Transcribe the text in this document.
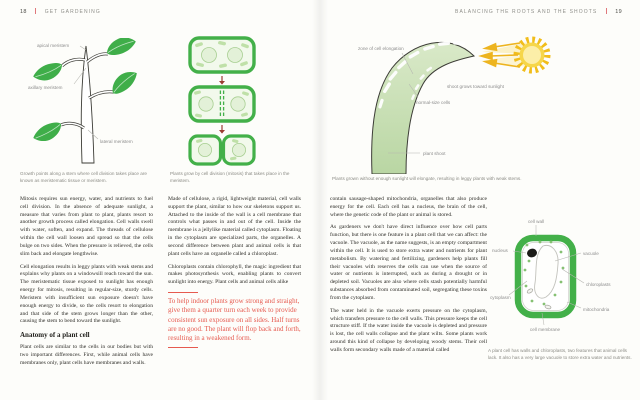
18	GET GARDENING	BALANCING THE ROOTS AND THE SHOOTS	19
apical meristem
axillary meristem
lateral meristem
Growth points along a stem where cell division takes place are known as meristematic tissue or meristem.
Plants grow by cell division (mitosis) that takes place in the meristem.

Mitosis requires sun energy, water, and nutrients to fuel cell division. In the absence of adequate sunlight, a measure that varies from plant to plant, plants resort to another growth process called elongation. Cell walls swell with water, soften, and expand. The threads of cellulose within the cell wall loosen and spread so that the cells bulge on two sides. When the pressure is relieved, the cells slim back and elongate lengthwise.

Cell elongation results in leggy plants with weak stems and explains why plants on a windowsill reach toward the sun. The meristematic tissue exposed to sunlight has enough energy for mitosis, resulting in regular-size, sturdy cells. Meristem with insufficient sun exposure doesn't have enough energy to divide, so the cells resort to elongation and that side of the stem grows longer than the other, causing the stem to bend toward the sunlight.

Anatomy of a plant cell

Plant cells are similar to the cells in our bodies but with two important differences. First, while animal cells have membranes only, plant cells have membranes and walls.

Made of cellulose, a rigid, lightweight material, cell walls support the plant, similar to how our skeletons support us. Attached to the inside of the wall is a cell membrane that controls what passes in and out of the cell. Inside the membrane is a jellylike material called cytoplasm. Floating in the cytoplasm are specialized parts, the organelles. A second difference between plant and animal cells is that plant cells have an organelle called a chloroplast.

Chloroplasts contain chlorophyll, the magic ingredient that makes photosynthesis work, enabling plants to convert sunlight into energy. Plant cells and animal cells alike

To help indoor plants grow strong and straight, give them a quarter turn each week to provide consistent sun exposure on all sides. Half turns are no good. The plant will flop back and forth, resulting in a weakened form.
zone of cell elongation
normal-size cells
shoot grows toward sunlight
plant shoot
Plants grown without enough sunlight will elongate, resulting in leggy plants with weak stems.

contain sausage-shaped mitochondria, organelles that also produce energy for the cell. Each cell has a nucleus, the brain of the cell, where the genetic code of the plant or animal is stored.

As gardeners we don't have direct influence over how cell parts function, but there is one feature in a plant cell that we can affect: the vacuole. The vacuole, as the name suggests, is an empty compartment within the cell. It is used to store extra water and nutrients for plant metabolism. By watering and fertilizing, gardeners help plants fill their vacuoles with reserves the cells can use when the source of water or nutrients is interrupted, such as during a drought or in depleted soil. Vacuoles are also where cells stash potentially harmful substances absorbed from contaminated soil, segregating these toxins from the cytoplasm.

The water held in the vacuole exerts pressure on the cytoplasm, which transfers pressure to the cell walls. This pressure keeps the cell structure stiff. If the water inside the vacuole is depleted and pressure is lost, the cell walls collapse and the plant wilts. Some plants work around this kind of collapse by developing woody stems. Their cell walls form secondary walls made of a material called

cell wall
nucleus
vacuole
chloroplasts
mitochondria
cytoplasm
cell membrane
A plant cell has walls and chloroplasts, two features that animal cells lack. It also has a very large vacuole to store extra water and nutrients.
